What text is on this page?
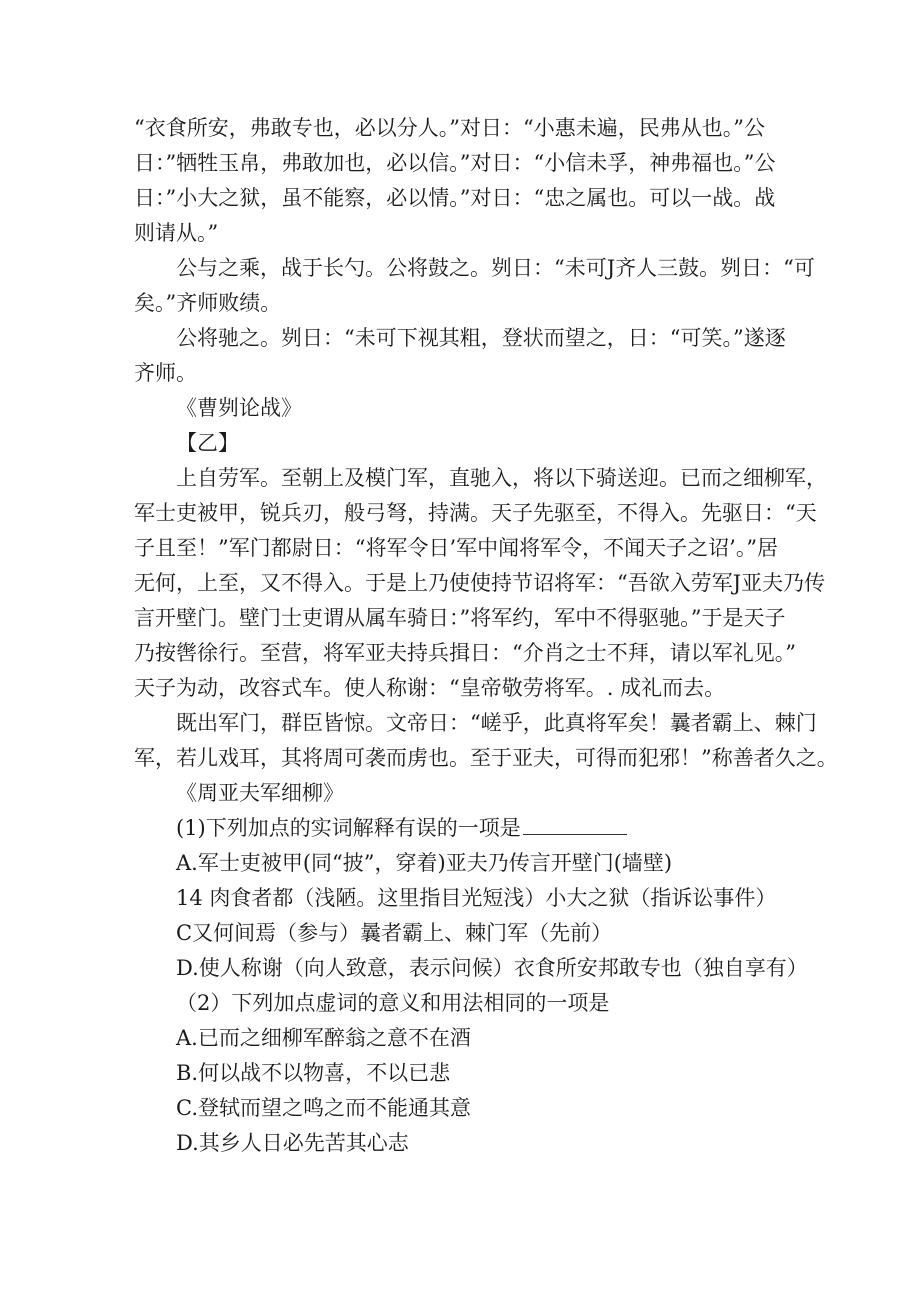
“衣食所安，弗敢专也，必以分人。”对日：“小惠未遍，民弗从也。”公
日：”牺牲玉帛，弗敢加也，必以信。”对日：“小信未孚，神弗福也。”公
日：”小大之狱，虽不能察，必以情。”对日：“忠之属也。可以一战。战
则请从。”
公与之乘，战于长勺。公将鼓之。刿日：“未可J齐人三鼓。刿日：“可
矣。”齐师败绩。
公将驰之。刿日：“未可下视其粗，登状而望之，日：“可笑。”遂逐
齐师。
《曹刿论战》
【乙】
上自劳军。至朝上及模门军，直驰入，将以下骑送迎。已而之细柳军，
军士吏被甲，锐兵刃，般弓弩，持满。天子先驱至，不得入。先驱日：“天
子且至！”军门都尉日：“将军令日’军中闻将军令，不闻天子之诏’。”居
无何，上至，又不得入。于是上乃使使持节诏将军：“吾欲入劳军J亚夫乃传
言开壁门。壁门士吏谓从属车骑日：”将军约，军中不得驱驰。”于是天子
乃按辔徐行。至营，将军亚夫持兵揖日：“介肖之士不拜，请以军礼见。”
天子为动，改容式车。使人称谢：“皇帝敬劳将军。. 成礼而去。
既出军门，群臣皆惊。文帝日：“嵯乎，此真将军矣！曩者霸上、棘门
军，若儿戏耳，其将周可袭而虏也。至于亚夫，可得而犯邪！”称善者久之。
《周亚夫军细柳》
(1)下列加点的实词解释有误的一项是
A.军士吏被甲(同“披”，穿着)亚夫乃传言开壁门(墙壁)
14 肉食者都（浅陋。这里指目光短浅）小大之狱（指诉讼事件）
C又何间焉（参与）曩者霸上、棘门军（先前）
D.使人称谢（向人致意，表示问候）衣食所安邦敢专也（独自享有）
（2）下列加点虚词的意义和用法相同的一项是
A.已而之细柳军醉翁之意不在酒
B.何以战不以物喜，不以已悲
C.登轼而望之鸣之而不能通其意
D.其乡人日必先苦其心志
